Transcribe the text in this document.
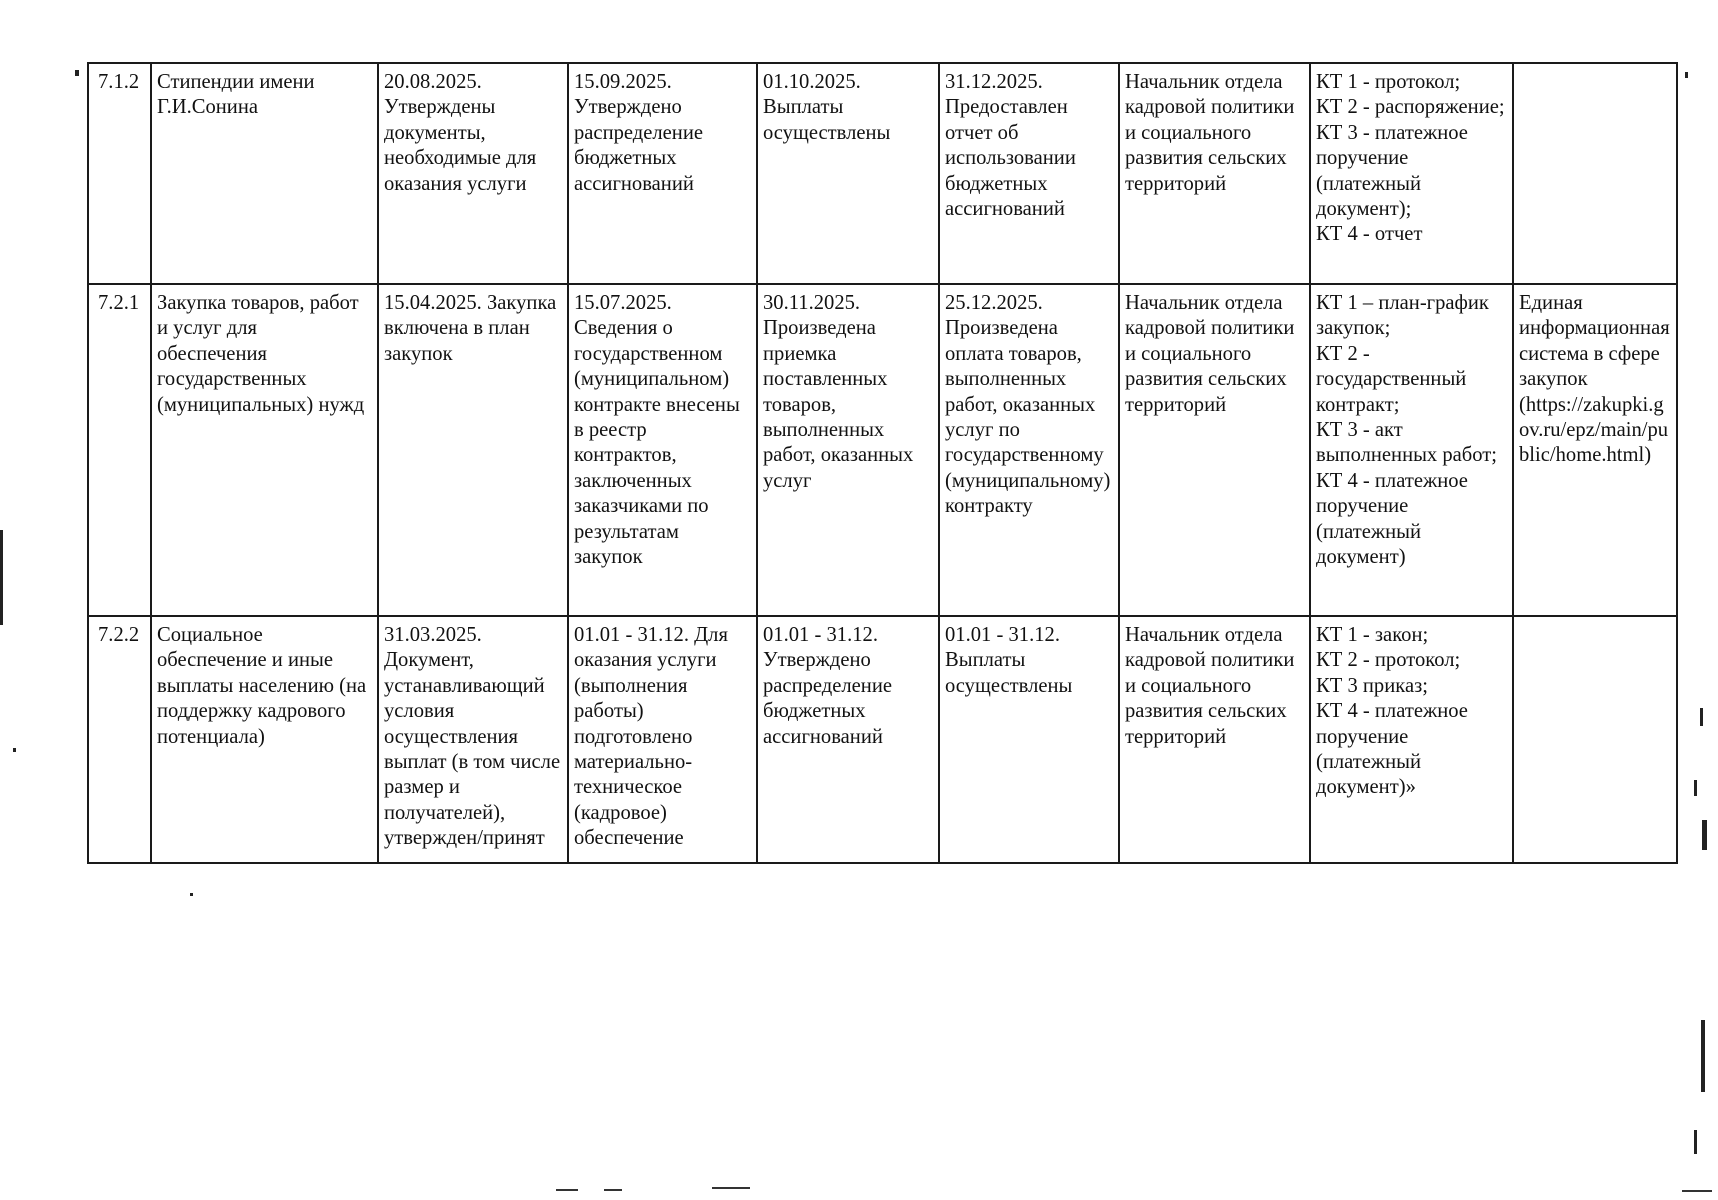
7.1.2	Стипендии имени Г.И.Сонина	20.08.2025. Утверждены документы, необходимые для оказания услуги	15.09.2025. Утверждено распределение бюджетных ассигнований	01.10.2025. Выплаты осуществлены	31.12.2025. Предоставлен отчет об использовании бюджетных ассигнований	Начальник отдела кадровой политики и социального развития сельских территорий	КТ 1 - протокол;
КТ 2 - распоряжение;
КТ 3 - платежное поручение (платежный документ);
КТ 4 - отчет	
7.2.1	Закупка товаров, работ и услуг для обеспечения государственных (муниципальных) нужд	15.04.2025. Закупка включена в план закупок	15.07.2025. Сведения о государственном (муниципальном) контракте внесены в реестр контрактов, заключенных заказчиками по результатам закупок	30.11.2025. Произведена приемка поставленных товаров, выполненных работ, оказанных услуг	25.12.2025. Произведена оплата товаров, выполненных работ, оказанных услуг по государственному (муниципальному) контракту	Начальник отдела кадровой политики и социального развития сельских территорий	КТ 1 – план-график закупок;
КТ 2 - государственный контракт;
КТ 3 - акт выполненных работ;
КТ 4 - платежное поручение (платежный документ)	Единая информационная система в сфере закупок (https://zakupki.gov.ru/epz/main/public/home.html)
7.2.2	Социальное обеспечение и иные выплаты населению (на поддержку кадрового потенциала)	31.03.2025. Документ, устанавливающий условия осуществления выплат (в том числе размер и получателей), утвержден/принят	01.01 - 31.12. Для оказания услуги (выполнения работы) подготовлено материально-техническое (кадровое) обеспечение	01.01 - 31.12. Утверждено распределение бюджетных ассигнований	01.01 - 31.12. Выплаты осуществлены	Начальник отдела кадровой политики и социального развития сельских территорий	КТ 1 - закон;
КТ 2 - протокол;
КТ 3 приказ;
КТ 4 - платежное поручение (платежный документ)»	
